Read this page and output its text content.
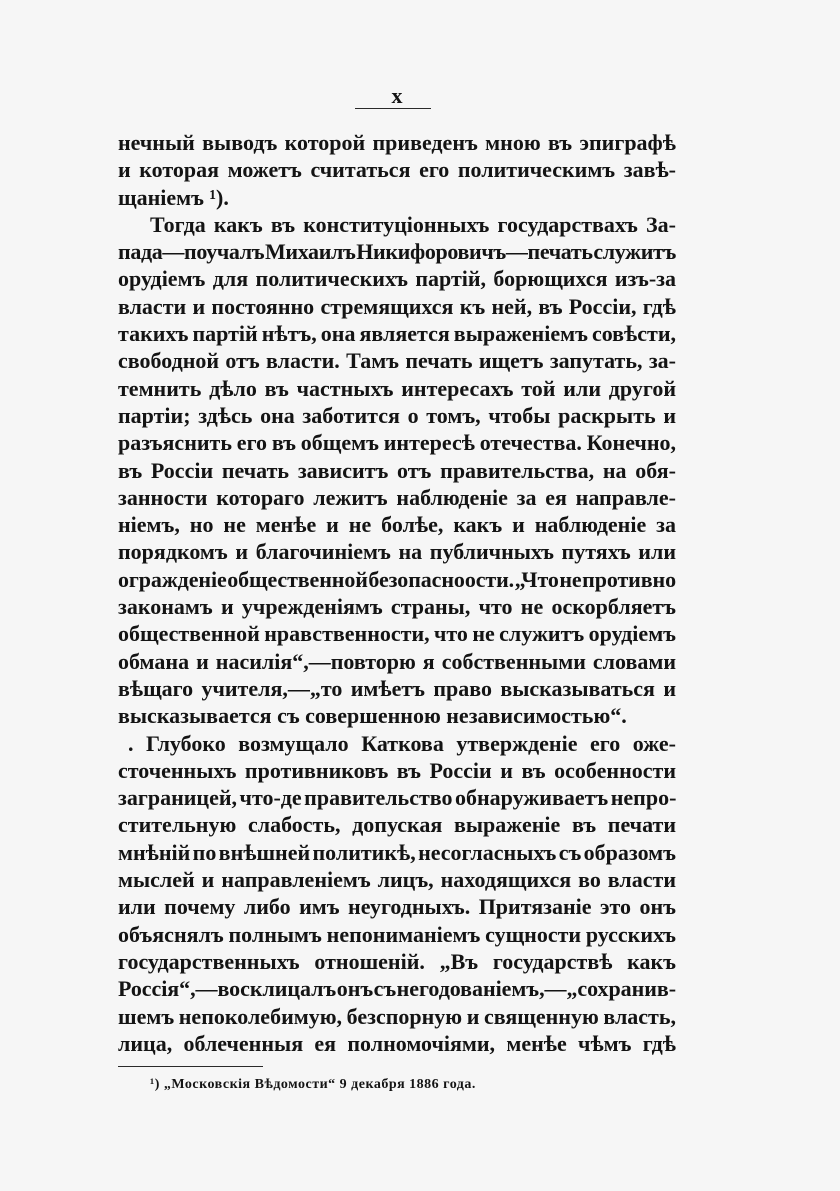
x
нечный выводъ которой приведенъ мною въ эпиграфѣ
и которая можетъ считаться его политическимъ завѣ-
щаніемъ ¹).
Тогда какъ въ конституціонныхъ государствахъ За-
пада—поучалъ Михаилъ Никифоровичъ—печать служитъ
орудіемъ для политическихъ партій, борющихся изъ-за
власти и постоянно стремящихся къ ней, въ Россіи, гдѣ
такихъ партій нѣтъ, она является выраженіемъ совѣсти,
свободной отъ власти. Тамъ печать ищетъ запутать, за-
темнить дѣло въ частныхъ интересахъ той или другой
партіи; здѣсь она заботится о томъ, чтобы раскрыть и
разъяснить его въ общемъ интересѣ отечества. Конечно,
въ Россіи печать зависитъ отъ правительства, на обя-
занности котораго лежитъ наблюденіе за ея направле-
ніемъ, но не менѣе и не болѣе, какъ и наблюденіе за
порядкомъ и благочиніемъ на публичныхъ путяхъ или
огражденіе общественной безопасноости. „Что не противно
законамъ и учрежденіямъ страны, что не оскорбляетъ
общественной нравственности, что не служитъ орудіемъ
обмана и насилія“,—повторю я собственными словами
вѣщаго учителя,—„то имѣетъ право высказываться и
высказывается съ совершенною независимостью“.
. Глубоко возмущало Каткова утвержденіе его оже-
сточенныхъ противниковъ въ Россіи и въ особенности
заграницей, что-де правительство обнаруживаетъ непро-
стительную слабость, допуская выраженіе въ печати
мнѣній по внѣшней политикѣ, несогласныхъ съ образомъ
мыслей и направленіемъ лицъ, находящихся во власти
или почему либо имъ неугодныхъ. Притязаніе это онъ
объяснялъ полнымъ непониманіемъ сущности русскихъ
государственныхъ отношеній. „Въ государствѣ какъ
Россія“,—восклицалъ онъ съ негодованіемъ,—„сохранив-
шемъ непоколебимую, безспорную и священную власть,
лица, облеченныя ея полномочіями, менѣе чѣмъ гдѣ
¹) „Московскія Вѣдомости“ 9 декабря 1886 года.
